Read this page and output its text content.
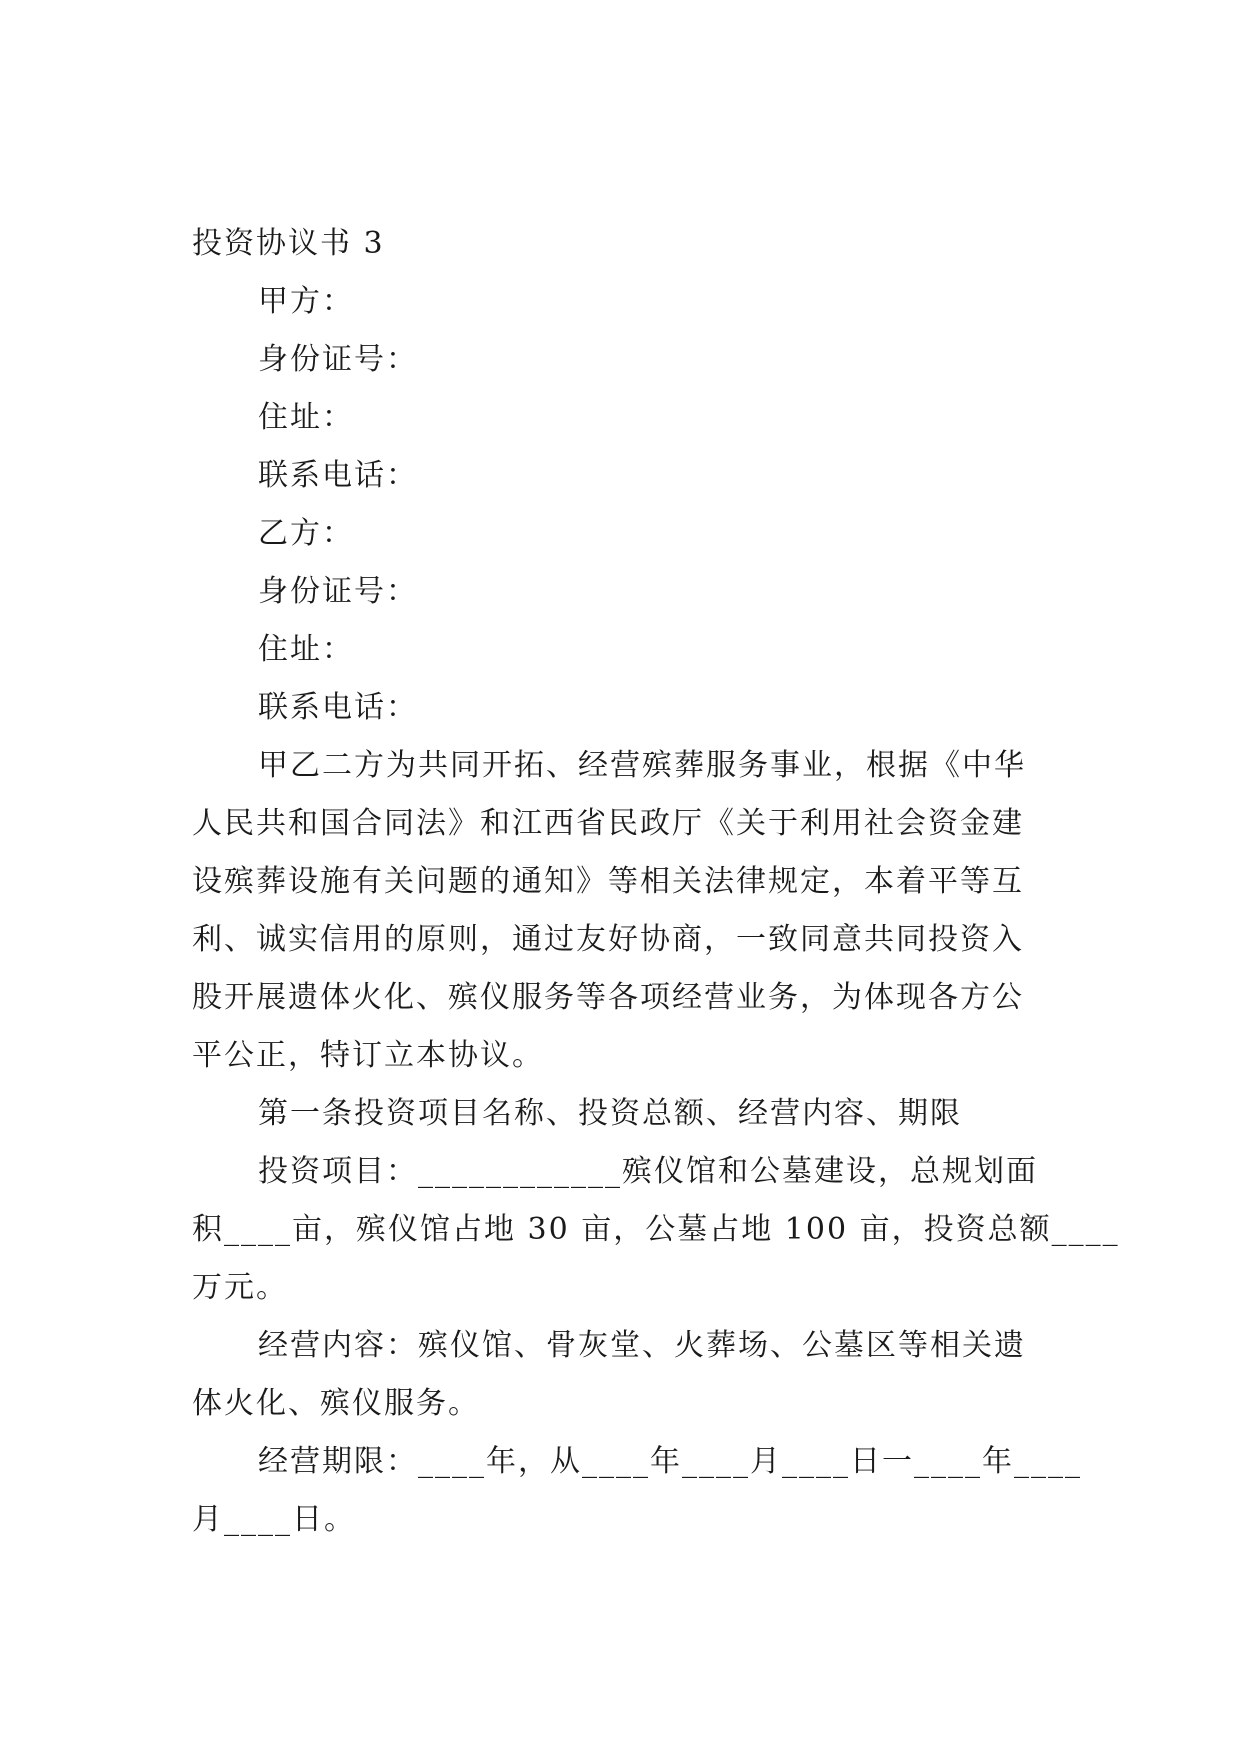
投资协议书 3
甲方：
身份证号：
住址：
联系电话：
乙方：
身份证号：
住址：
联系电话：
甲乙二方为共同开拓、经营殡葬服务事业，根据《中华
人民共和国合同法》和江西省民政厅《关于利用社会资金建
设殡葬设施有关问题的通知》等相关法律规定，本着平等互
利、诚实信用的原则，通过友好协商，一致同意共同投资入
股开展遗体火化、殡仪服务等各项经营业务，为体现各方公
平公正，特订立本协议。
第一条投资项目名称、投资总额、经营内容、期限
投资项目：____________殡仪馆和公墓建设，总规划面
积____亩，殡仪馆占地 30 亩，公墓占地 100 亩，投资总额____
万元。
经营内容：殡仪馆、骨灰堂、火葬场、公墓区等相关遗
体火化、殡仪服务。
经营期限：____年，从____年____月____日一____年____
月____日。
